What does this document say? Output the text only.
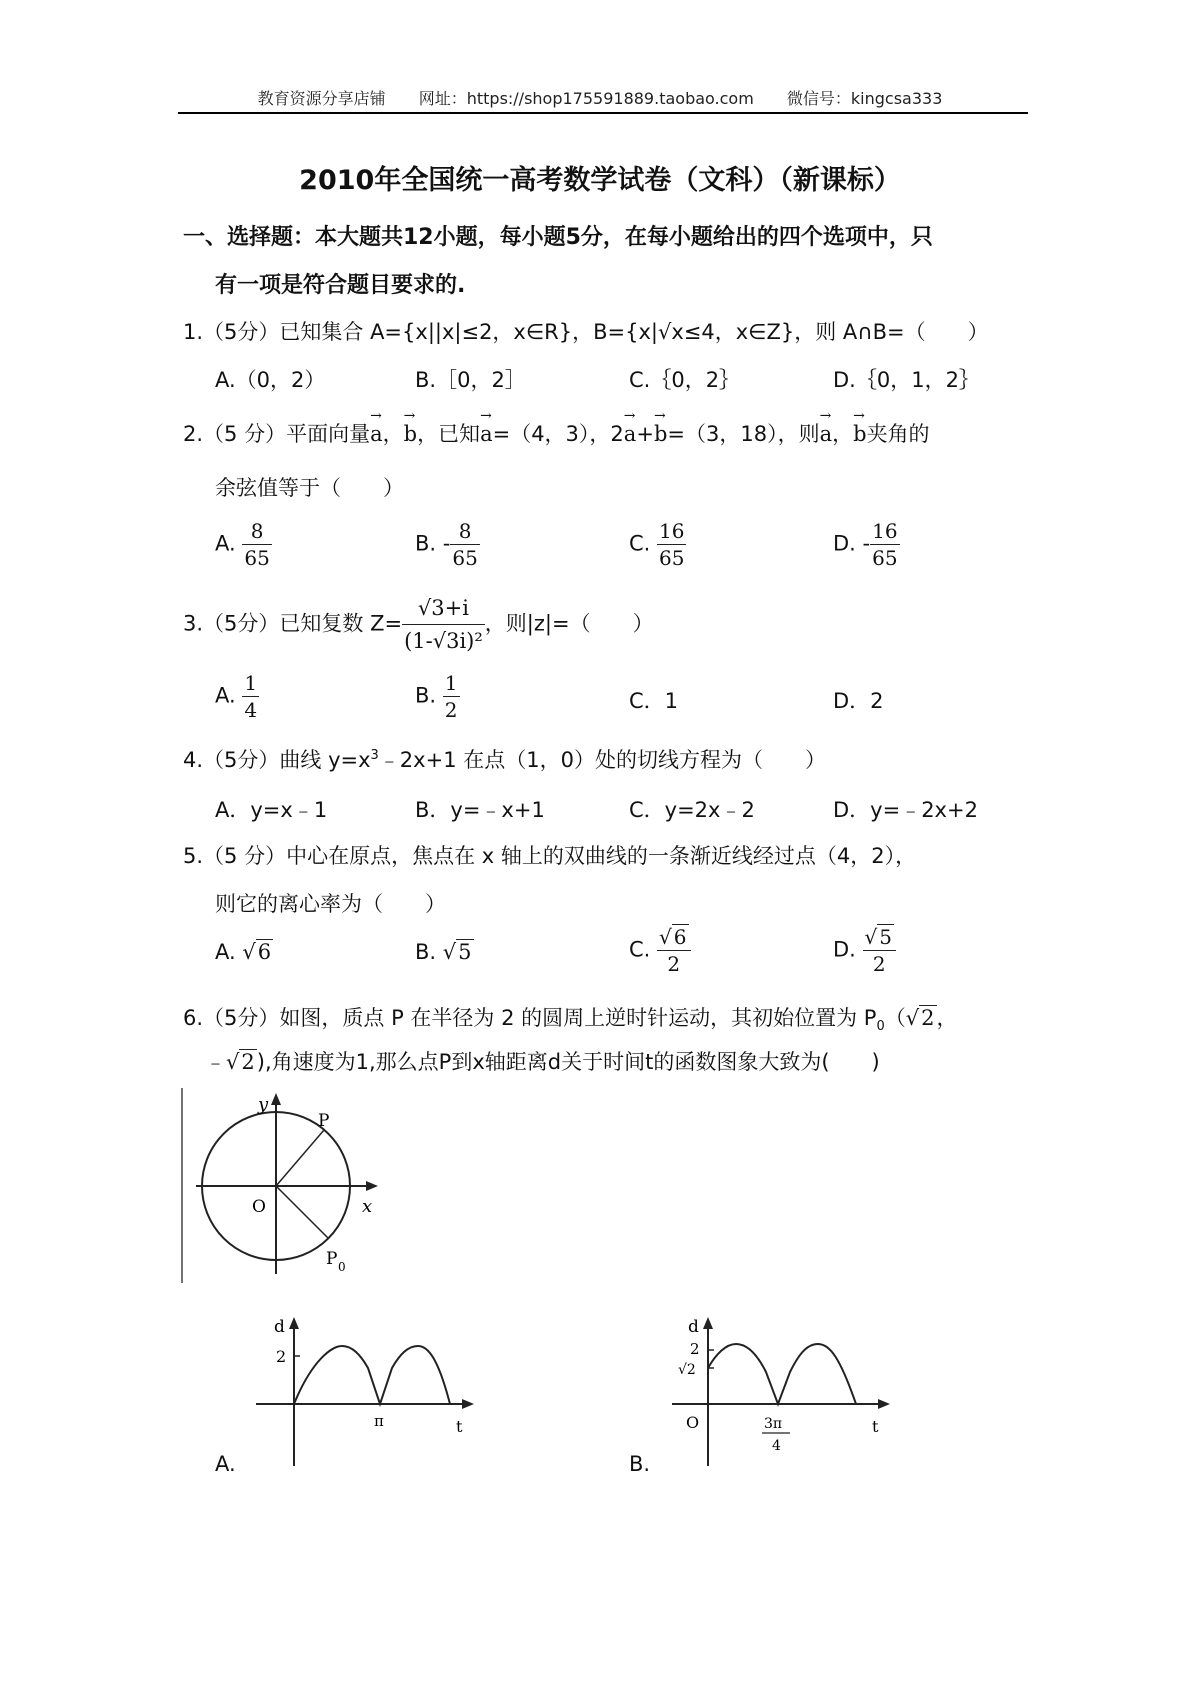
教育资源分享店铺 网址：https://shop175591889.taobao.com 微信号：kingcsa333
2010年全国统一高考数学试卷（文科）（新课标）
一、选择题：本大题共12小题，每小题5分，在每小题给出的四个选项中，只
有一项是符合题目要求的.
1.（5分）已知集合 A={x||x|≤2，x∈R}，B={x|√x≤4，x∈Z}，则 A∩B=（　　）
A.（0，2）	B.［0，2］	C.｛0，2｝	D.｛0，1，2｝
2.（5 分）平面向量→ a，→ b，已知→ a=（4，3），2→ a+→ b=（3，18），则→ a，→ b夹角的
余弦值等于（　　）
A. $\frac{8}{65}$	B. - $\frac{8}{65}$	C. $\frac{16}{65}$	D. - $\frac{16}{65}$
3.（5分）已知复数 $Z= \frac{√3+i}{\text{(1-√3i)²}}$ ，则|z|=（　　）
A. $\frac{1}{4}$	B. $\frac{1}{2}$	C．1	D．2
4.（5分）曲线 $y=x^3﹣2x+1$ 在点（1，0）处的切线方程为（　　）
A．y=x﹣1	B．y=﹣x+1	C．y=2x﹣2	D．y=﹣2x+2
5.（5 分）中心在原点，焦点在 x 轴上的双曲线的一条渐近线经过点（4，2），
则它的离心率为（　　）
A. √6	B. √5	C. $\frac{√ 6}{2}$	D. $\frac{√ 5}{2}$
6.（5分）如图，质点 P 在半径为 2 的圆周上逆时针运动，其初始位置为 $P_0(√2$，
﹣√2),角速度为1,那么点P到x轴距离d关于时间t的函数图象大致为(　　)
y
x
O
P
P 0
d
t
2
π
A.
d
t
O
2
√2
3π
4
B.
